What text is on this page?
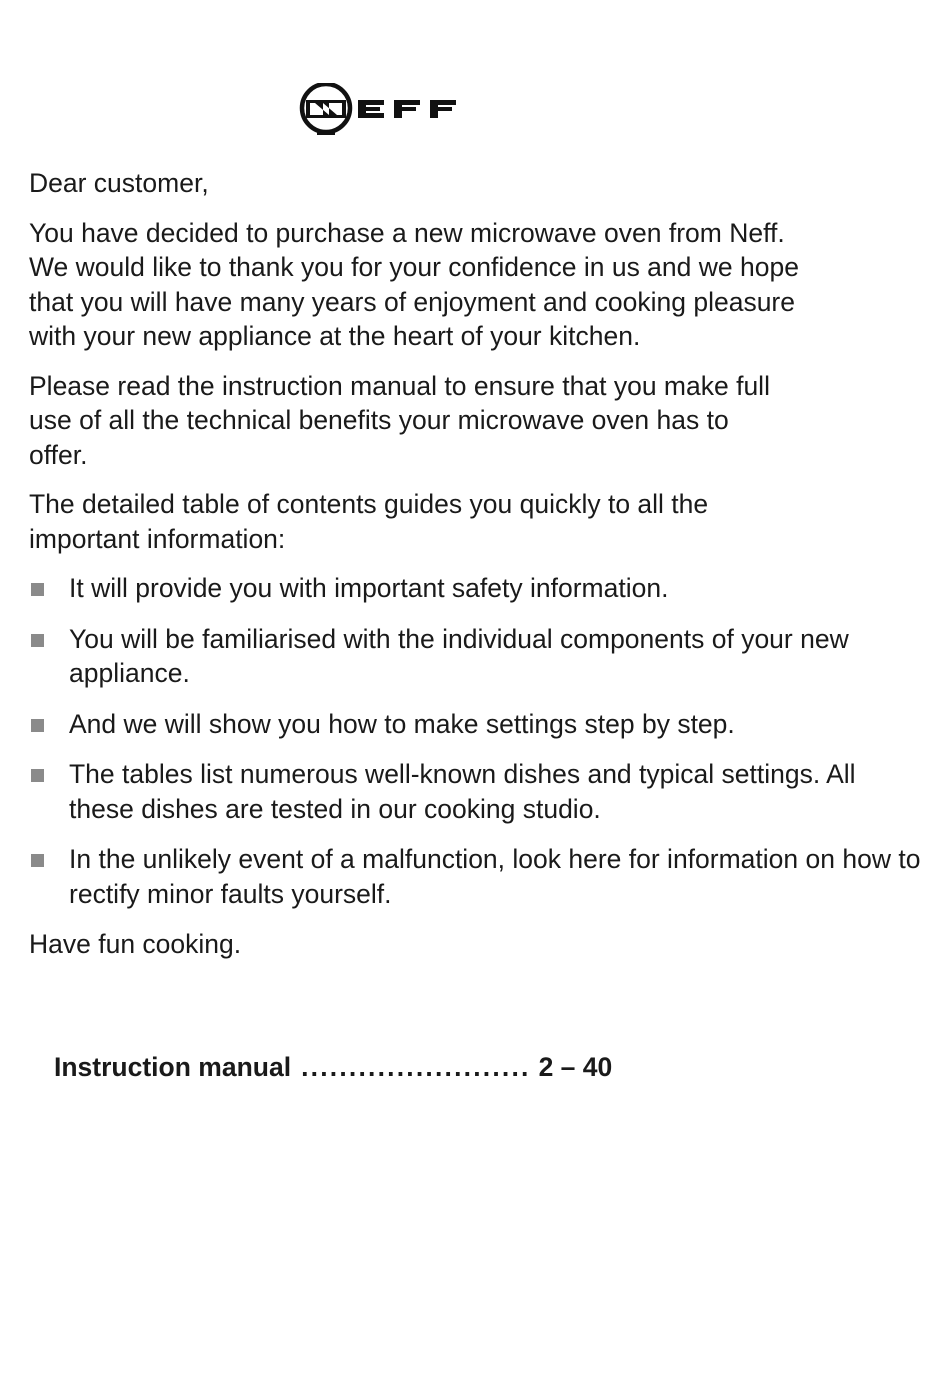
Dear customer,

You have decided to purchase a new microwave oven from Neff. We would like to thank you for your confidence in us and we hope that you will have many years of enjoyment and cooking pleasure with your new appliance at the heart of your kitchen.

Please read the instruction manual to ensure that you make full use of all the technical benefits your microwave oven has to offer.

The detailed table of contents guides you quickly to all the important information:

It will provide you with important safety information.
You will be familiarised with the individual components of your new appliance.
And we will show you how to make settings step by step.
The tables list numerous well-known dishes and typical settings. All these dishes are tested in our cooking studio.
In the unlikely event of a malfunction, look here for information on how to rectify minor faults yourself.

Have fun cooking.

Instruction manual ........................ 2 – 40
